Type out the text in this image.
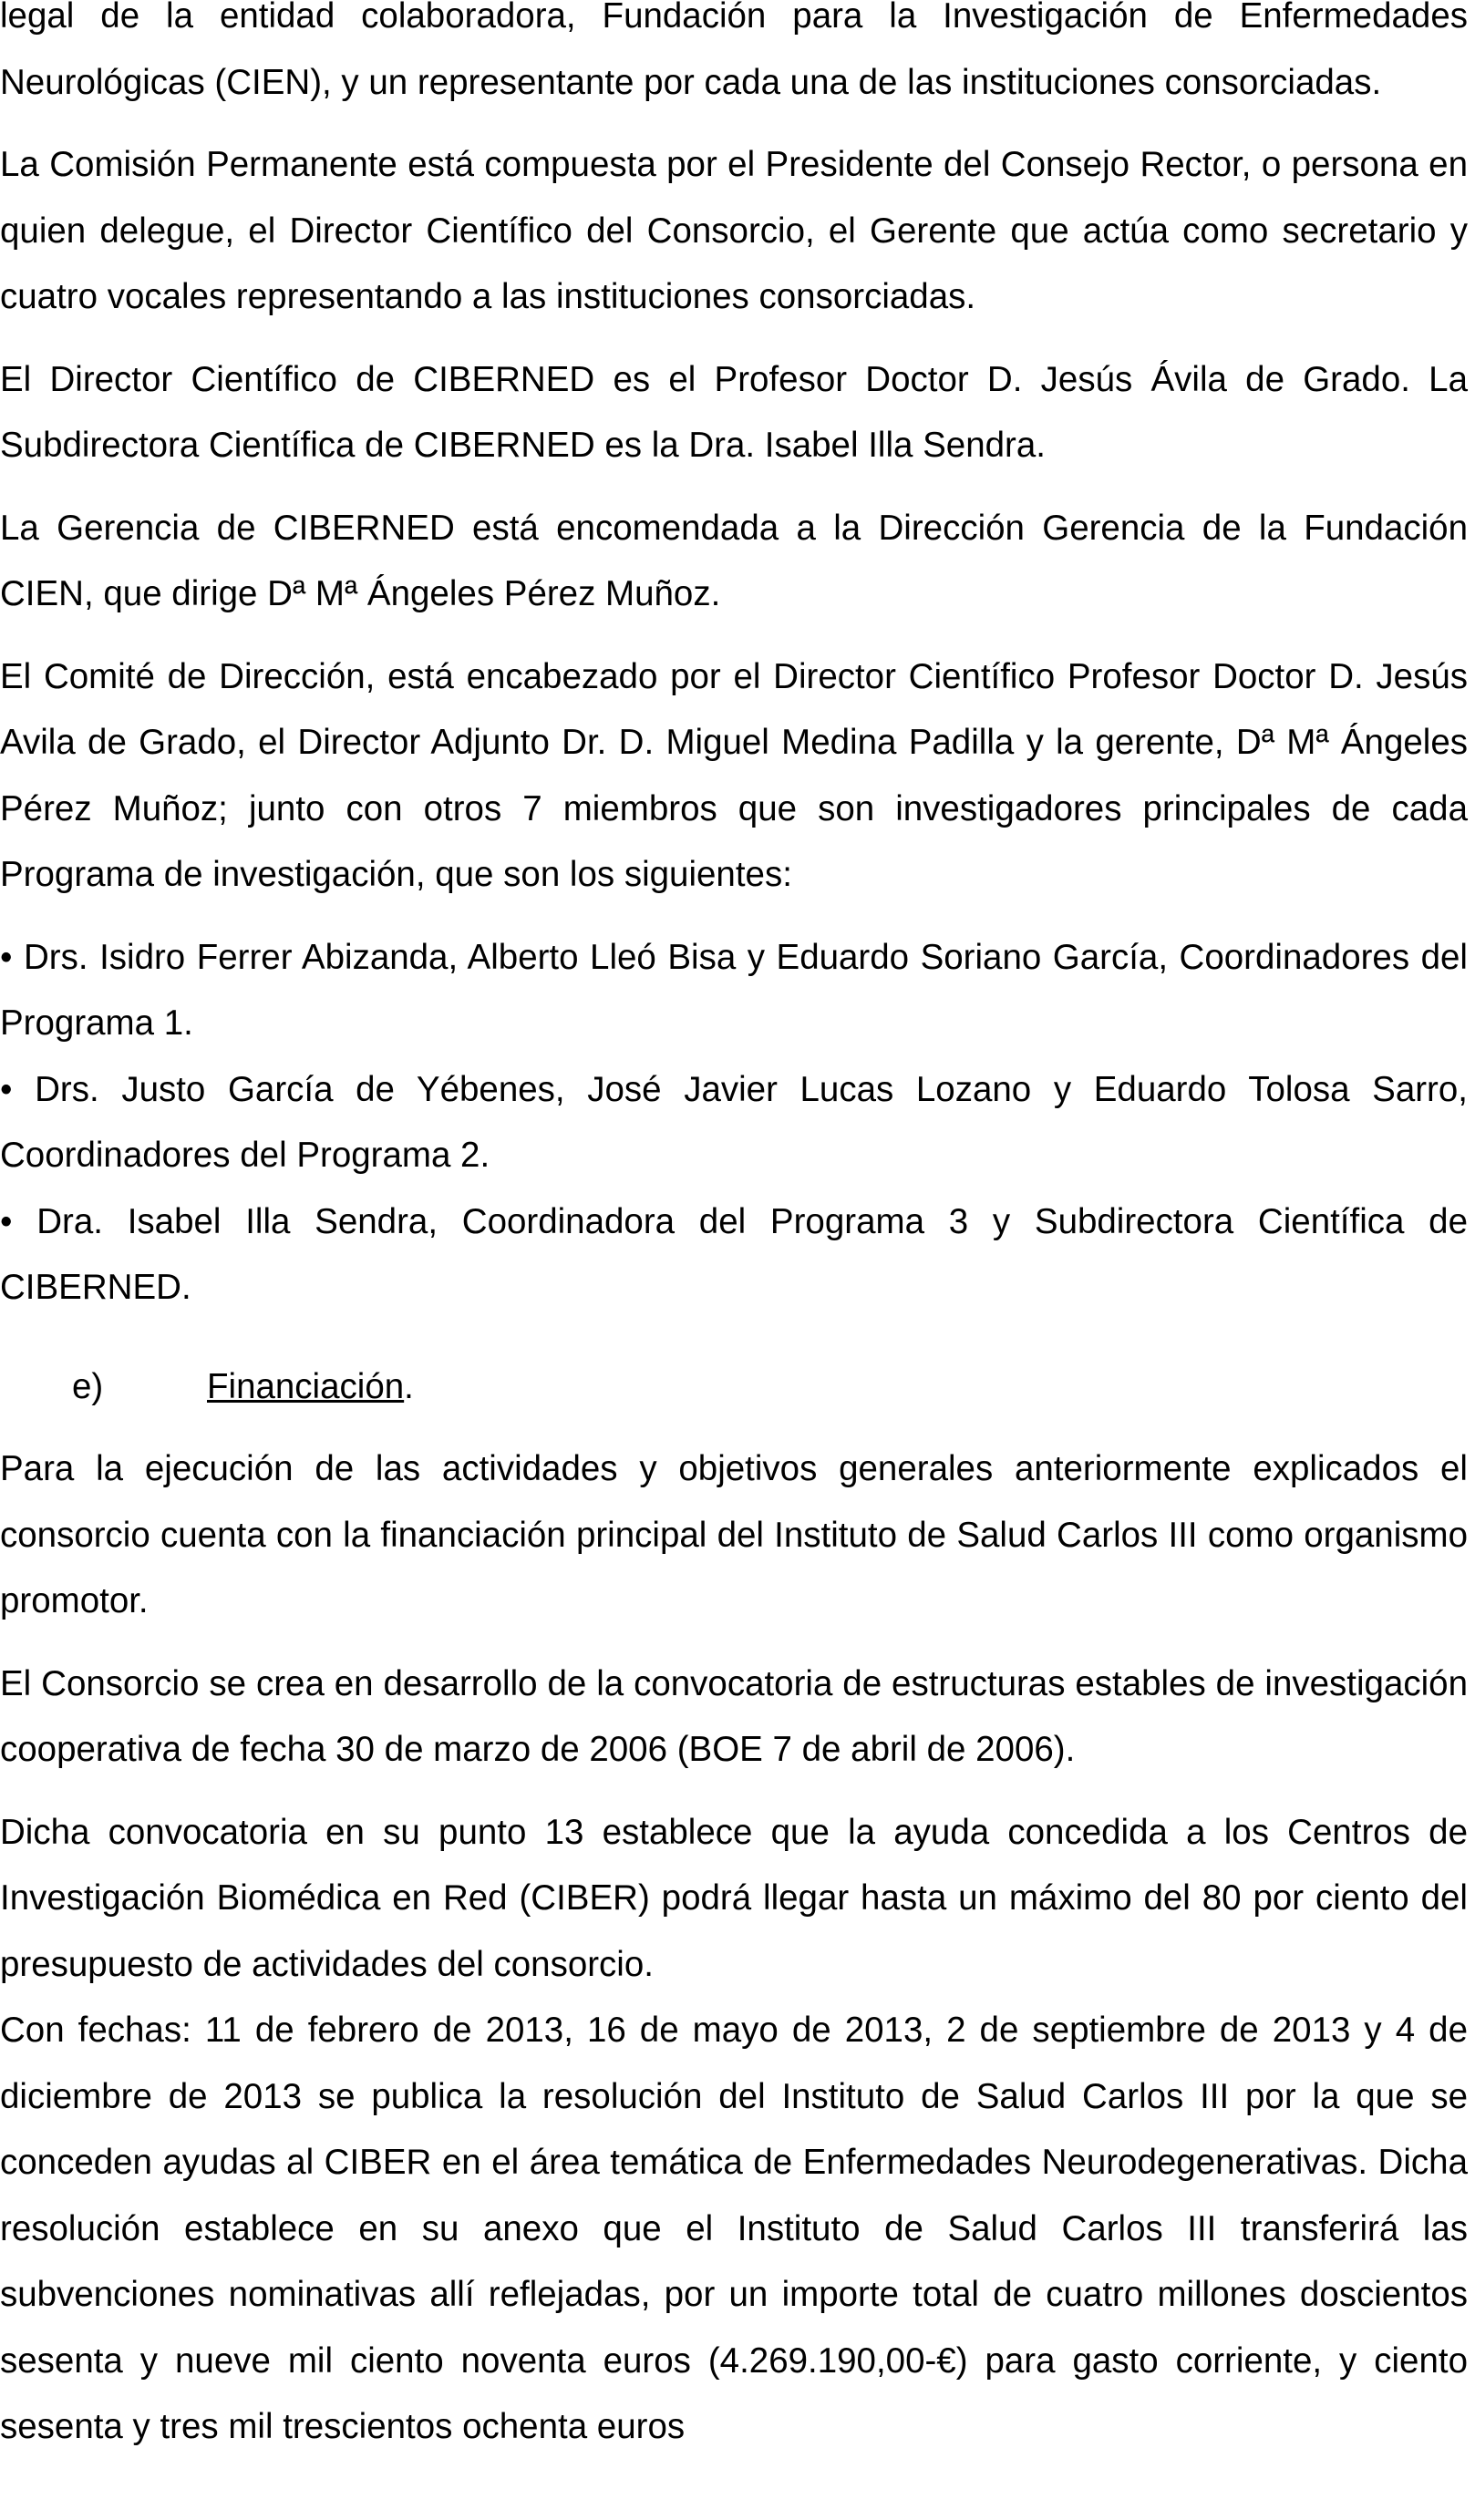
legal de la entidad colaboradora, Fundación para la Investigación de Enfermedades Neurológicas (CIEN), y un representante por cada una de las instituciones consorciadas.

La Comisión Permanente está compuesta por el Presidente del Consejo Rector, o persona en quien delegue, el Director Científico del Consorcio, el Gerente que actúa como secretario y cuatro vocales representando a las instituciones consorciadas.

El Director Científico de CIBERNED es el Profesor Doctor D. Jesús Ávila de Grado. La Subdirectora Científica de CIBERNED es la Dra. Isabel Illa Sendra.

La Gerencia de CIBERNED está encomendada a la Dirección Gerencia de la Fundación CIEN, que dirige Dª Mª Ángeles Pérez Muñoz.

El Comité de Dirección, está encabezado por el Director Científico Profesor Doctor D. Jesús Avila de Grado, el Director Adjunto Dr. D. Miguel Medina Padilla y la gerente, Dª Mª Ángeles Pérez Muñoz; junto con otros 7 miembros que son investigadores principales de cada Programa de investigación, que son los siguientes:

• Drs. Isidro Ferrer Abizanda, Alberto Lleó Bisa y Eduardo Soriano García, Coordinadores del Programa 1.

• Drs. Justo García de Yébenes, José Javier Lucas Lozano y Eduardo Tolosa Sarro, Coordinadores del Programa 2.

• Dra. Isabel Illa Sendra, Coordinadora del Programa 3 y Subdirectora Científica de CIBERNED.

e)	Financiación.

Para la ejecución de las actividades y objetivos generales anteriormente explicados el consorcio cuenta con la financiación principal del Instituto de Salud Carlos III como organismo promotor.

El Consorcio se crea en desarrollo de la convocatoria de estructuras estables de investigación cooperativa de fecha 30 de marzo de 2006 (BOE 7 de abril de 2006).

Dicha convocatoria en su punto 13 establece que la ayuda concedida a los Centros de Investigación Biomédica en Red (CIBER) podrá llegar hasta un máximo del 80 por ciento del presupuesto de actividades del consorcio.

Con fechas: 11 de febrero de 2013, 16 de mayo de 2013, 2 de septiembre de 2013 y 4 de diciembre de 2013 se publica la resolución del Instituto de Salud Carlos III por la que se conceden ayudas al CIBER en el área temática de Enfermedades Neurodegenerativas. Dicha resolución establece en su anexo que el Instituto de Salud Carlos III transferirá las subvenciones nominativas allí reflejadas, por un importe total de cuatro millones doscientos sesenta y nueve mil ciento noventa euros (4.269.190,00-€) para gasto corriente, y ciento sesenta y tres mil trescientos ochenta euros
